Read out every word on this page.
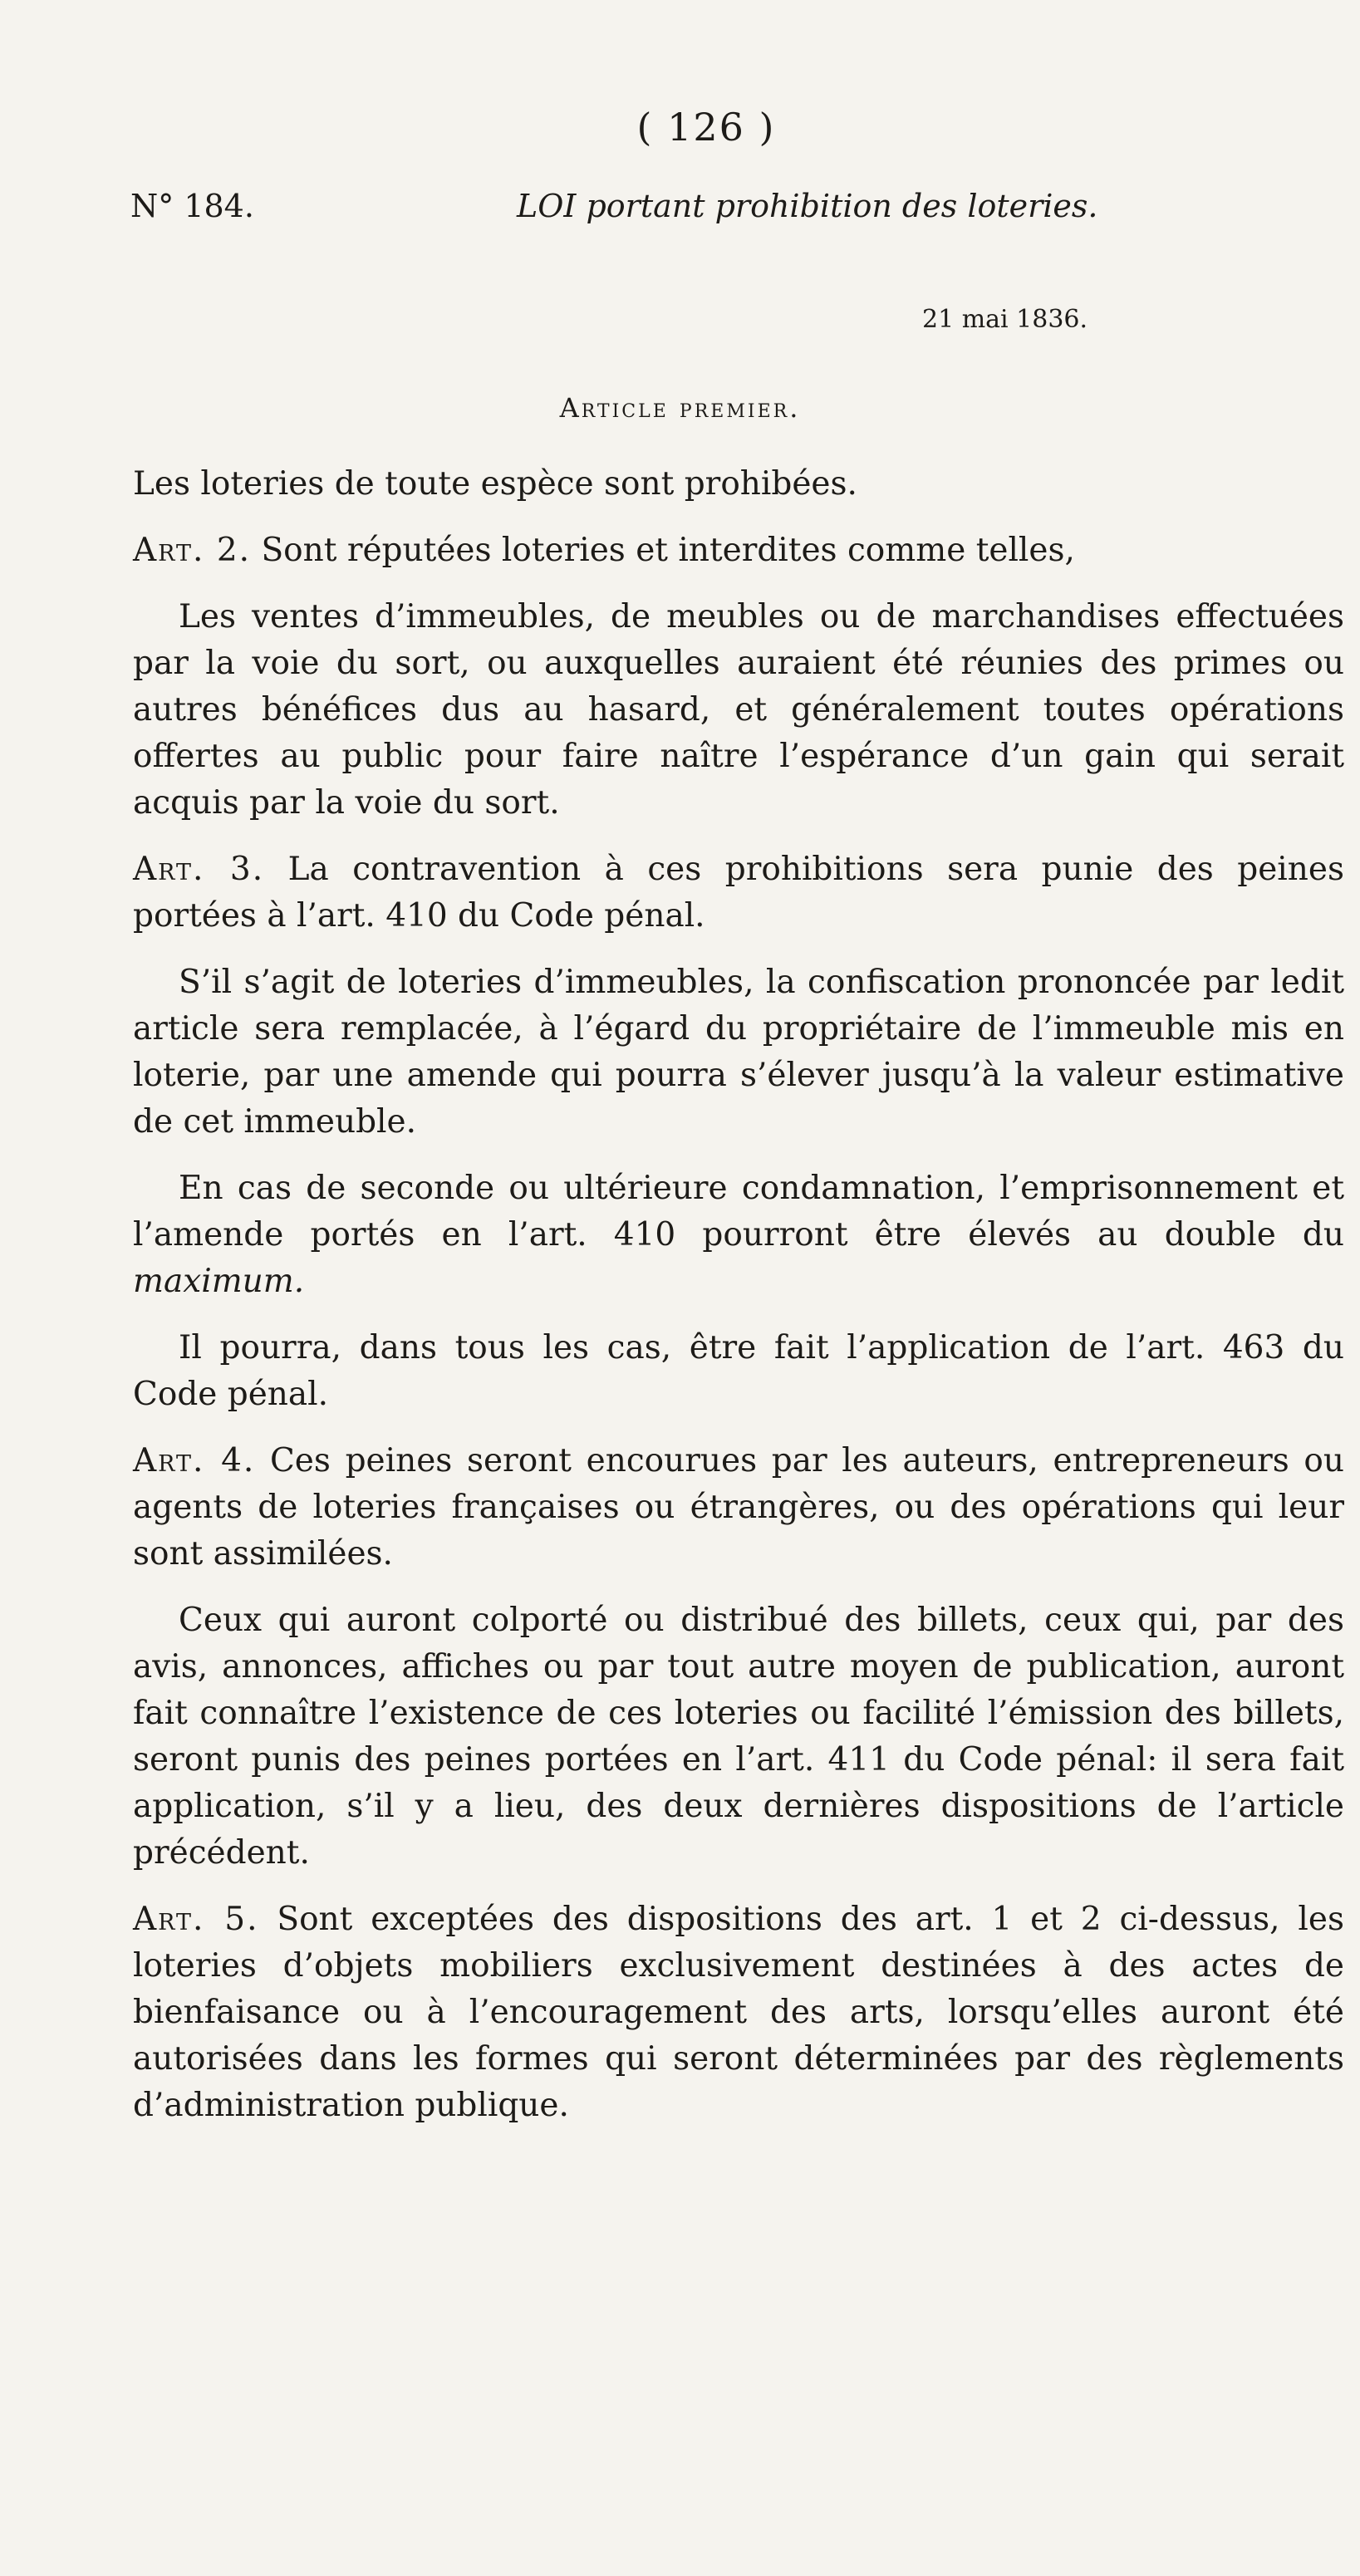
( 126 )
N° 184.	LOI portant prohibition des loteries.
21 mai 1836.
Article premier.

Les loteries de toute espèce sont prohibées.

Art. 2. Sont réputées loteries et interdites comme telles,

Les ventes d’immeubles, de meubles ou de marchandises effectuées par la voie du sort, ou auxquelles auraient été réunies des primes ou autres bénéfices dus au hasard, et généralement toutes opérations offertes au public pour faire naître l’espérance d’un gain qui serait acquis par la voie du sort.

Art. 3. La contravention à ces prohibitions sera punie des peines portées à l’art. 410 du Code pénal.

S’il s’agit de loteries d’immeubles, la confiscation prononcée par ledit article sera remplacée, à l’égard du propriétaire de l’immeuble mis en loterie, par une amende qui pourra s’élever jusqu’à la valeur estimative de cet immeuble.

En cas de seconde ou ultérieure condamnation, l’emprisonnement et l’amende portés en l’art. 410 pourront être élevés au double du maximum.

Il pourra, dans tous les cas, être fait l’application de l’art. 463 du Code pénal.

Art. 4. Ces peines seront encourues par les auteurs, entrepreneurs ou agents de loteries françaises ou étrangères, ou des opérations qui leur sont assimilées.

Ceux qui auront colporté ou distribué des billets, ceux qui, par des avis, annonces, affiches ou par tout autre moyen de publication, auront fait connaître l’existence de ces loteries ou facilité l’émission des billets, seront punis des peines portées en l’art. 411 du Code pénal: il sera fait application, s’il y a lieu, des deux dernières dispositions de l’article précédent.

Art. 5. Sont exceptées des dispositions des art. 1 et 2 ci-dessus, les loteries d’objets mobiliers exclusivement destinées à des actes de bienfaisance ou à l’encouragement des arts, lorsqu’elles auront été autorisées dans les formes qui seront déterminées par des règlements d’administration publique.
